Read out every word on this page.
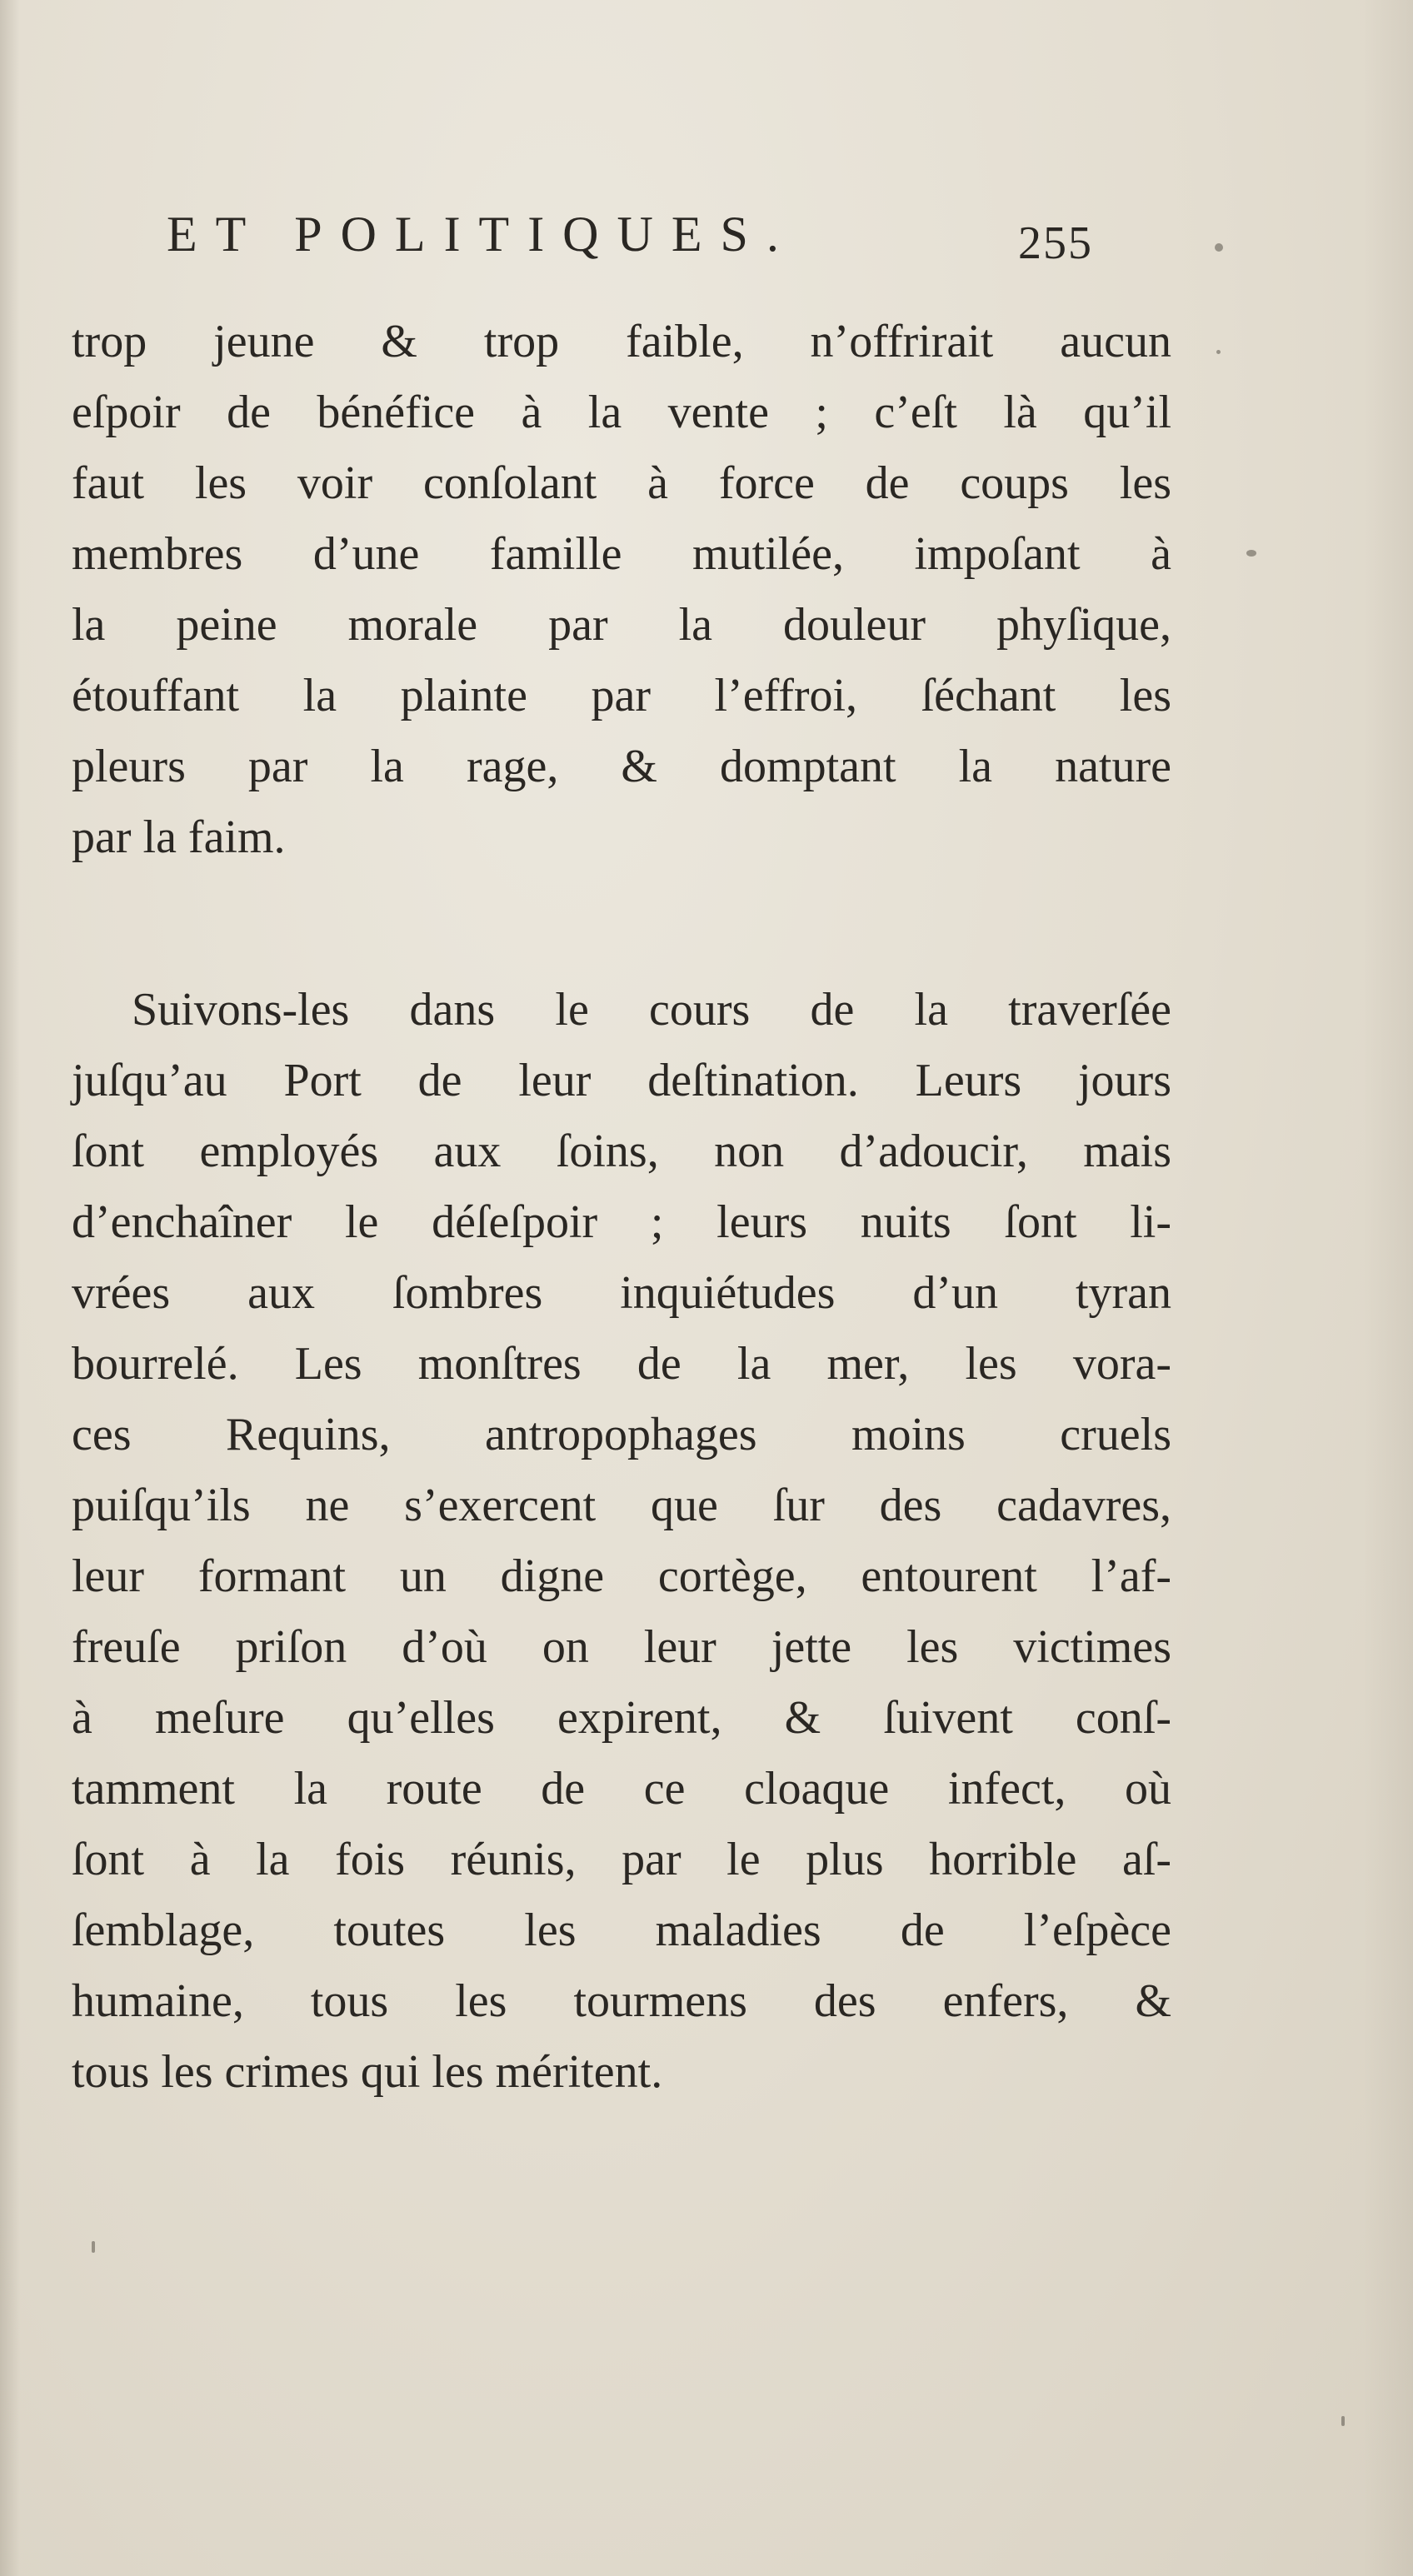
ET POLITIQUES.	255
trop jeune & trop faible, n’offrirait aucun
eſpoir de bénéfice à la vente ; c’eſt là qu’il
faut les voir conſolant à force de coups les
membres d’une famille mutilée, impoſant à
la peine morale par la douleur phyſique,
étouffant la plainte par l’effroi, ſéchant les
pleurs par la rage, & domptant la nature
par la faim.
Suivons-les dans le cours de la traverſée
juſqu’au Port de leur deſtination. Leurs jours
ſont employés aux ſoins, non d’adoucir, mais
d’enchaîner le déſeſpoir ; leurs nuits ſont li-
vrées aux ſombres inquiétudes d’un tyran
bourrelé. Les monſtres de la mer, les vora-
ces Requins, antropophages moins cruels
puiſqu’ils ne s’exercent que ſur des cadavres,
leur formant un digne cortège, entourent l’af-
freuſe priſon d’où on leur jette les victimes
à meſure qu’elles expirent, & ſuivent conſ-
tamment la route de ce cloaque infect, où
ſont à la fois réunis, par le plus horrible aſ-
ſemblage, toutes les maladies de l’eſpèce
humaine, tous les tourmens des enfers, &
tous les crimes qui les méritent.
